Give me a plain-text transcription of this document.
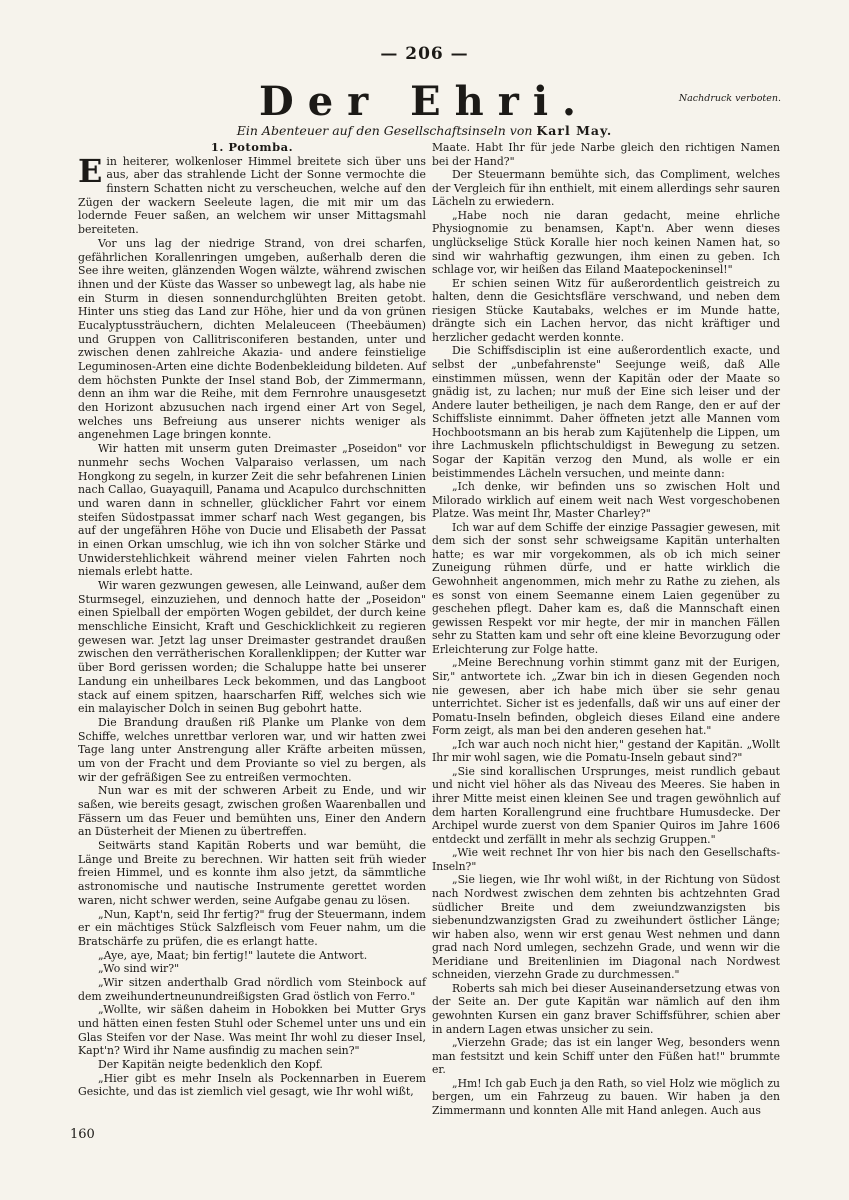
— 206 —
Der Ehri.	Nachdruck verboten.
Ein Abenteuer auf den Gesellschaftsinseln von Karl May.

1. Potomba.

Ein heiterer, wolkenloser Himmel breitete sich über uns aus, aber das strahlende Licht der Sonne vermochte die finstern Schatten nicht zu verscheuchen, welche auf den Zügen der wackern Seeleute lagen, die mit mir um das lodernde Feuer saßen, an welchem wir unser Mittagsmahl bereiteten.

Vor uns lag der niedrige Strand, von drei scharfen, gefährlichen Korallenringen umgeben, außerhalb deren die See ihre weiten, glänzenden Wogen wälzte, während zwischen ihnen und der Küste das Wasser so unbewegt lag, als habe nie ein Sturm in diesen sonnendurchglühten Breiten getobt. Hinter uns stieg das Land zur Höhe, hier und da von grünen Eucalyptussträuchern, dichten Melaleuceen (Theebäumen) und Gruppen von Callitrisconiferen bestanden, unter und zwischen denen zahlreiche Akazia- und andere feinstielige Leguminosen-Arten eine dichte Bodenbekleidung bildeten. Auf dem höchsten Punkte der Insel stand Bob, der Zimmermann, denn an ihm war die Reihe, mit dem Fernrohre unausgesetzt den Horizont abzusuchen nach irgend einer Art von Segel, welches uns Befreiung aus unserer nichts weniger als angenehmen Lage bringen konnte.

Wir hatten mit unserm guten Dreimaster „Poseidon" vor nunmehr sechs Wochen Valparaiso verlassen, um nach Hongkong zu segeln, in kurzer Zeit die sehr befahrenen Linien nach Callao, Guayaquill, Panama und Acapulco durchschnitten und waren dann in schneller, glücklicher Fahrt vor einem steifen Südostpassat immer scharf nach West gegangen, bis auf der ungefähren Höhe von Ducie und Elisabeth der Passat in einen Orkan umschlug, wie ich ihn von solcher Stärke und Unwiderstehlichkeit während meiner vielen Fahrten noch niemals erlebt hatte.

Wir waren gezwungen gewesen, alle Leinwand, außer dem Sturmsegel, einzuziehen, und dennoch hatte der „Poseidon" einen Spielball der empörten Wogen gebildet, der durch keine menschliche Einsicht, Kraft und Geschicklichkeit zu regieren gewesen war. Jetzt lag unser Dreimaster gestrandet draußen zwischen den verrätherischen Korallenklippen; der Kutter war über Bord gerissen worden; die Schaluppe hatte bei unserer Landung ein unheilbares Leck bekommen, und das Langboot stack auf einem spitzen, haarscharfen Riff, welches sich wie ein malayischer Dolch in seinen Bug gebohrt hatte.

Die Brandung draußen riß Planke um Planke von dem Schiffe, welches unrettbar verloren war, und wir hatten zwei Tage lang unter Anstrengung aller Kräfte arbeiten müssen, um von der Fracht und dem Proviante so viel zu bergen, als wir der gefräßigen See zu entreißen vermochten.

Nun war es mit der schweren Arbeit zu Ende, und wir saßen, wie bereits gesagt, zwischen großen Waarenballen und Fässern um das Feuer und bemühten uns, Einer den Andern an Düsterheit der Mienen zu übertreffen.

Seitwärts stand Kapitän Roberts und war bemüht, die Länge und Breite zu berechnen. Wir hatten seit früh wieder freien Himmel, und es konnte ihm also jetzt, da sämmtliche astronomische und nautische Instrumente gerettet worden waren, nicht schwer werden, seine Aufgabe genau zu lösen.

„Nun, Kapt'n, seid Ihr fertig?" frug der Steuermann, indem er ein mächtiges Stück Salzfleisch vom Feuer nahm, um die Bratschärfe zu prüfen, die es erlangt hatte.

„Aye, aye, Maat; bin fertig!" lautete die Antwort.

„Wo sind wir?"

„Wir sitzen anderthalb Grad nördlich vom Steinbock auf dem zweihundertneunundreißigsten Grad östlich von Ferro."

„Wollte, wir säßen daheim in Hobokken bei Mutter Grys und hätten einen festen Stuhl oder Schemel unter uns und ein Glas Steifen vor der Nase. Was meint Ihr wohl zu dieser Insel, Kapt'n? Wird ihr Name ausfindig zu machen sein?"

Der Kapitän neigte bedenklich den Kopf.

„Hier gibt es mehr Inseln als Pockennarben in Euerem Gesichte, und das ist ziemlich viel gesagt, wie Ihr wohl wißt,

Maate. Habt Ihr für jede Narbe gleich den richtigen Namen bei der Hand?"

Der Steuermann bemühte sich, das Compliment, welches der Vergleich für ihn enthielt, mit einem allerdings sehr sauren Lächeln zu erwiedern.

„Habe noch nie daran gedacht, meine ehrliche Physiognomie zu benamsen, Kapt'n. Aber wenn dieses unglückselige Stück Koralle hier noch keinen Namen hat, so sind wir wahrhaftig gezwungen, ihm einen zu geben. Ich schlage vor, wir heißen das Eiland Maatepockeninsel!"

Er schien seinen Witz für außerordentlich geistreich zu halten, denn die Gesichtsfläre verschwand, und neben dem riesigen Stücke Kautabaks, welches er im Munde hatte, drängte sich ein Lachen hervor, das nicht kräftiger und herzlicher gedacht werden konnte.

Die Schiffsdisciplin ist eine außerordentlich exacte, und selbst der „unbefahrenste" Seejunge weiß, daß Alle einstimmen müssen, wenn der Kapitän oder der Maate so gnädig ist, zu lachen; nur muß der Eine sich leiser und der Andere lauter betheiligen, je nach dem Range, den er auf der Schiffsliste einnimmt. Daher öffneten jetzt alle Mannen vom Hochbootsmann an bis herab zum Kajütenhelp die Lippen, um ihre Lachmuskeln pflichtschuldigst in Bewegung zu setzen. Sogar der Kapitän verzog den Mund, als wolle er ein beistimmendes Lächeln versuchen, und meinte dann:

„Ich denke, wir befinden uns so zwischen Holt und Milorado wirklich auf einem weit nach West vorgeschobenen Platze. Was meint Ihr, Master Charley?"

Ich war auf dem Schiffe der einzige Passagier gewesen, mit dem sich der sonst sehr schweigsame Kapitän unterhalten hatte; es war mir vorgekommen, als ob ich mich seiner Zuneigung rühmen dürfe, und er hatte wirklich die Gewohnheit angenommen, mich mehr zu Rathe zu ziehen, als es sonst von einem Seemanne einem Laien gegenüber zu geschehen pflegt. Daher kam es, daß die Mannschaft einen gewissen Respekt vor mir hegte, der mir in manchen Fällen sehr zu Statten kam und sehr oft eine kleine Bevorzugung oder Erleichterung zur Folge hatte.

„Meine Berechnung vorhin stimmt ganz mit der Eurigen, Sir," antwortete ich. „Zwar bin ich in diesen Gegenden noch nie gewesen, aber ich habe mich über sie sehr genau unterrichtet. Sicher ist es jedenfalls, daß wir uns auf einer der Pomatu-Inseln befinden, obgleich dieses Eiland eine andere Form zeigt, als man bei den anderen gesehen hat."

„Ich war auch noch nicht hier," gestand der Kapitän. „Wollt Ihr mir wohl sagen, wie die Pomatu-Inseln gebaut sind?"

„Sie sind korallischen Ursprunges, meist rundlich gebaut und nicht viel höher als das Niveau des Meeres. Sie haben in ihrer Mitte meist einen kleinen See und tragen gewöhnlich auf dem harten Korallengrund eine fruchtbare Humusdecke. Der Archipel wurde zuerst von dem Spanier Quiros im Jahre 1606 entdeckt und zerfällt in mehr als sechzig Gruppen."

„Wie weit rechnet Ihr von hier bis nach den Gesellschafts-Inseln?"

„Sie liegen, wie Ihr wohl wißt, in der Richtung von Südost nach Nordwest zwischen dem zehnten bis achtzehnten Grad südlicher Breite und dem zweiundzwanzigsten bis siebenundzwanzigsten Grad zu zweihundert östlicher Länge; wir haben also, wenn wir erst genau West nehmen und dann grad nach Nord umlegen, sechzehn Grade, und wenn wir die Meridiane und Breitenlinien im Diagonal nach Nordwest schneiden, vierzehn Grade zu durchmessen."

Roberts sah mich bei dieser Auseinandersetzung etwas von der Seite an. Der gute Kapitän war nämlich auf den ihm gewohnten Kursen ein ganz braver Schiffsführer, schien aber in andern Lagen etwas unsicher zu sein.

„Vierzehn Grade; das ist ein langer Weg, besonders wenn man festsitzt und kein Schiff unter den Füßen hat!" brummte er.

„Hm! Ich gab Euch ja den Rath, so viel Holz wie möglich zu bergen, um ein Fahrzeug zu bauen. Wir haben ja den Zimmermann und konnten Alle mit Hand anlegen. Auch aus

160
